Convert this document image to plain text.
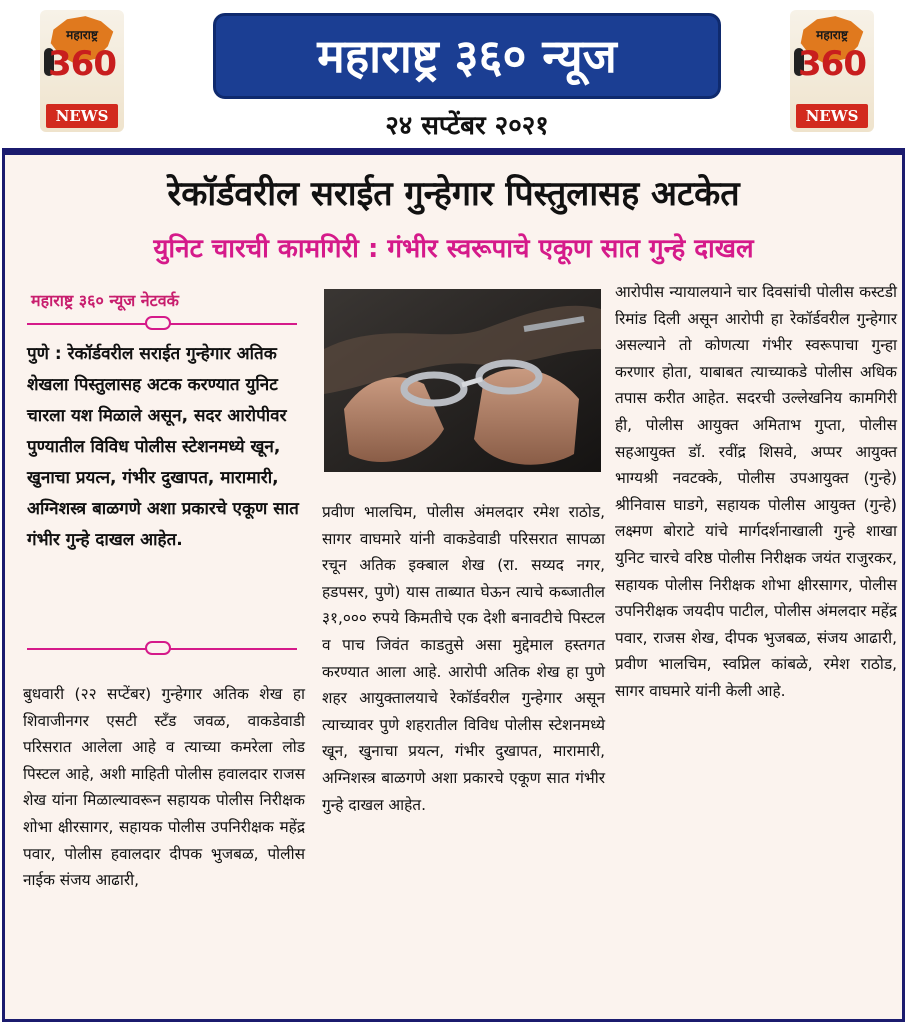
महाराष्ट्र
360
NEWS
महाराष्ट्र ३६० न्यूज
२४ सप्टेंबर २०२१
महाराष्ट्र
360
NEWS
रेकॉर्डवरील सराईत गुन्हेगार पिस्तुलासह अटकेत
युनिट चारची कामगिरी : गंभीर स्वरूपाचे एकूण सात गुन्हे दाखल
महाराष्ट्र ३६० न्यूज नेटवर्क
पुणे : रेकॉर्डवरील सराईत गुन्हेगार अतिक शेखला पिस्तुलासह अटक करण्यात युनिट चारला यश मिळाले असून, सदर आरोपीवर पुण्यातील विविध पोलीस स्टेशनमध्ये खून, खुनाचा प्रयत्न, गंभीर दुखापत, मारामारी, अग्निशस्त्र बाळगणे अशा प्रकारचे एकूण सात गंभीर गुन्हे दाखल आहेत.
बुधवारी (२२ सप्टेंबर) गुन्हेगार अतिक शेख हा शिवाजीनगर एसटी स्टँड जवळ, वाकडेवाडी परिसरात आलेला आहे व त्याच्या कमरेला लोड पिस्टल आहे, अशी माहिती पोलीस हवालदार राजस शेख यांना मिळाल्यावरून सहायक पोलीस निरीक्षक शोभा क्षीरसागर, सहायक पोलीस उपनिरीक्षक महेंद्र पवार, पोलीस हवालदार दीपक भुजबळ, पोलीस नाईक संजय आढारी,
प्रवीण भालचिम, पोलीस अंमलदार रमेश राठोड, सागर वाघमारे यांनी वाकडेवाडी परिसरात सापळा रचून अतिक इक्बाल शेख (रा. सय्यद नगर, हडपसर, पुणे) यास ताब्यात घेऊन त्याचे कब्जातील ३१,००० रुपये किमतीचे एक देशी बनावटीचे पिस्टल व पाच जिवंत काडतुसे असा मुद्देमाल हस्तगत करण्यात आला आहे. आरोपी अतिक शेख हा पुणे शहर आयुक्तालयाचे रेकॉर्डवरील गुन्हेगार असून त्याच्यावर पुणे शहरातील विविध पोलीस स्टेशनमध्ये खून, खुनाचा प्रयत्न, गंभीर दुखापत, मारामारी, अग्निशस्त्र बाळगणे अशा प्रकारचे एकूण सात गंभीर गुन्हे दाखल आहेत.
आरोपीस न्यायालयाने चार दिवसांची पोलीस कस्टडी रिमांड दिली असून आरोपी हा रेकॉर्डवरील गुन्हेगार असल्याने तो कोणत्या गंभीर स्वरूपाचा गुन्हा करणार होता, याबाबत त्याच्याकडे पोलीस अधिक तपास करीत आहेत. सदरची उल्लेखनिय कामगिरी ही, पोलीस आयुक्त अमिताभ गुप्ता, पोलीस सहआयुक्त डॉ. रवींद्र शिसवे, अप्पर आयुक्त भाग्यश्री नवटक्के, पोलीस उपआयुक्त (गुन्हे) श्रीनिवास घाडगे, सहायक पोलीस आयुक्त (गुन्हे) लक्ष्मण बोराटे यांचे मार्गदर्शनाखाली गुन्हे शाखा युनिट चारचे वरिष्ठ पोलीस निरीक्षक जयंत राजुरकर, सहायक पोलीस निरीक्षक शोभा क्षीरसागर, पोलीस उपनिरीक्षक जयदीप पाटील, पोलीस अंमलदार महेंद्र पवार, राजस शेख, दीपक भुजबळ, संजय आढारी, प्रवीण भालचिम, स्वप्निल कांबळे, रमेश राठोड, सागर वाघमारे यांनी केली आहे.
